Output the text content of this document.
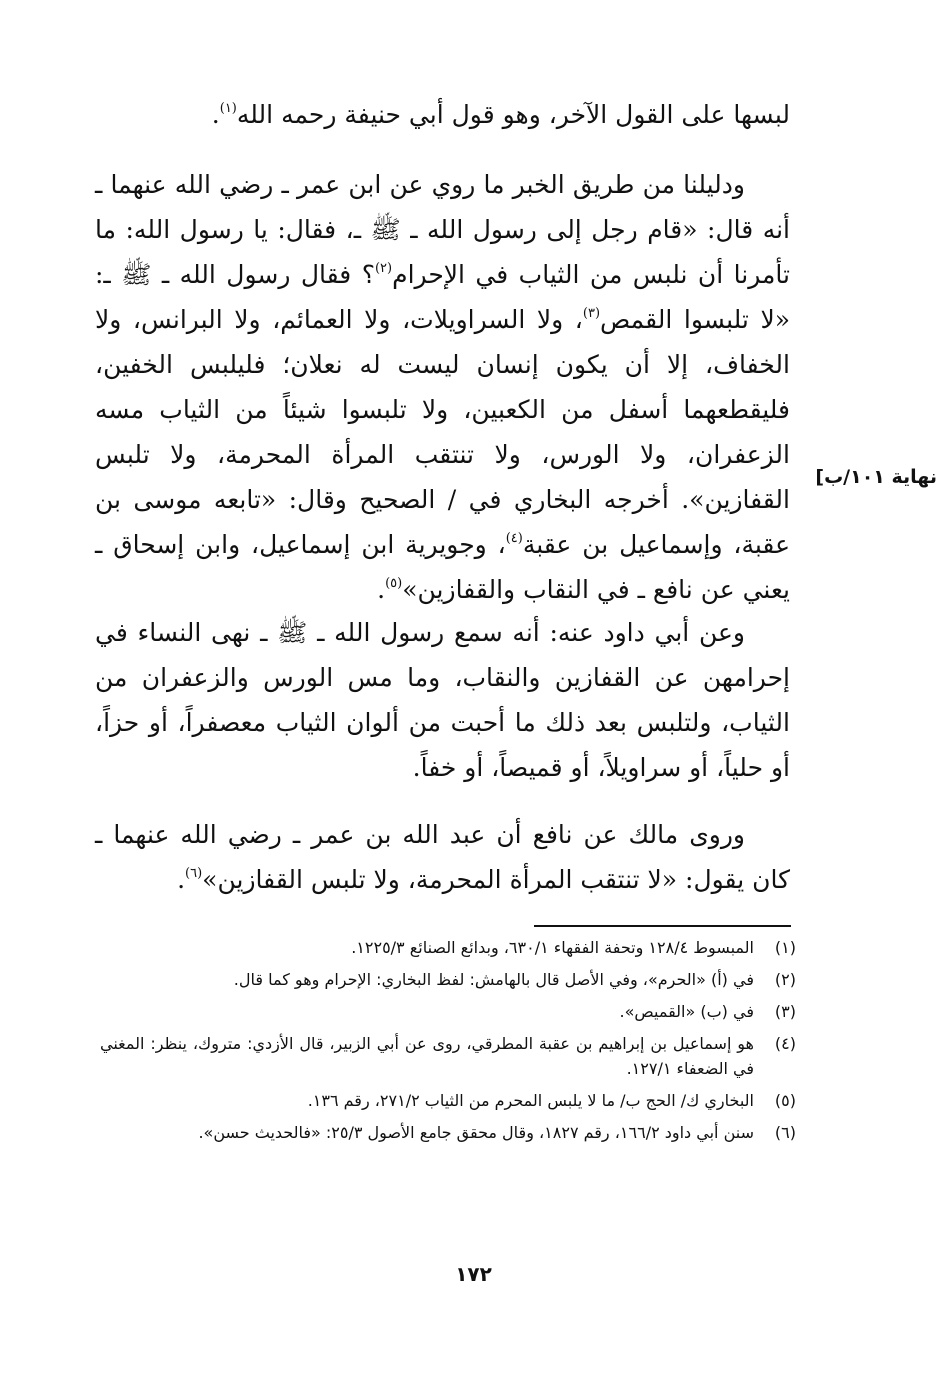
لبسها على القول الآخر، وهو قول أبي حنيفة رحمه الله$^{(١)}$.

ودليلنا من طريق الخبر ما روي عن ابن عمر ـ رضي الله عنهما ـ أنه قال: «قام رجل إلى رسول الله ـ ﷺ ـ، فقال: يا رسول الله: ما تأمرنا أن نلبس من الثياب في الإحرام$^{(٢)}$؟ فقال رسول الله ـ ﷺ ـ: «لا تلبسوا القمص$^{(٣)}$، ولا السراويلات، ولا العمائم، ولا البرانس، ولا الخفاف، إلا أن يكون إنسان ليست له نعلان؛ فليلبس الخفين، فليقطعهما أسفل من الكعبين، ولا تلبسوا شيئاً من الثياب مسه الزعفران، ولا الورس، ولا تنتقب المرأة المحرمة، ولا تلبس القفازين». أخرجه البخاري في / الصحيح وقال: «تابعه موسى بن عقبة، وإسماعيل بن عقبة$^{(٤)}$، وجويرية ابن إسماعيل، وابن إسحاق ـ يعني عن نافع ـ في النقاب والقفازين»$^{(٥)}$.

نهاية ١٠١/ب]

وعن أبي داود عنه: أنه سمع رسول الله ـ ﷺ ـ نهى النساء في إحرامهن عن القفازين والنقاب، وما مس الورس والزعفران من الثياب، ولتلبس بعد ذلك ما أحبت من ألوان الثياب معصفراً، أو حزاً، أو حلياً، أو سراويلاً، أو قميصاً، أو خفاً.

وروى مالك عن نافع أن عبد الله بن عمر ـ رضي الله عنهما ـ كان يقول: «لا تنتقب المرأة المحرمة، ولا تلبس القفازين»$^{(٦)}$.

(١)
المبسوط ١٢٨/٤ وتحفة الفقهاء ٦٣٠/١، وبدائع الصنائع ١٢٢٥/٣.
(٢)
في (أ) «الحرم»، وفي الأصل قال بالهامش: لفظ البخاري: الإحرام وهو كما قال.
(٣)
في (ب) «القميص».
(٤)
هو إسماعيل بن إبراهيم بن عقبة المطرقي، روى عن أبي الزبير، قال الأزدي: متروك، ينظر: المغني في الضعفاء ١٢٧/١.
(٥)
البخاري ك/ الحج ب/ ما لا يلبس المحرم من الثياب ٢٧١/٢، رقم ١٣٦.
(٦)
سنن أبي داود ١٦٦/٢، رقم ١٨٢٧، وقال محقق جامع الأصول ٢٥/٣: «فالحديث حسن».
١٧٢
